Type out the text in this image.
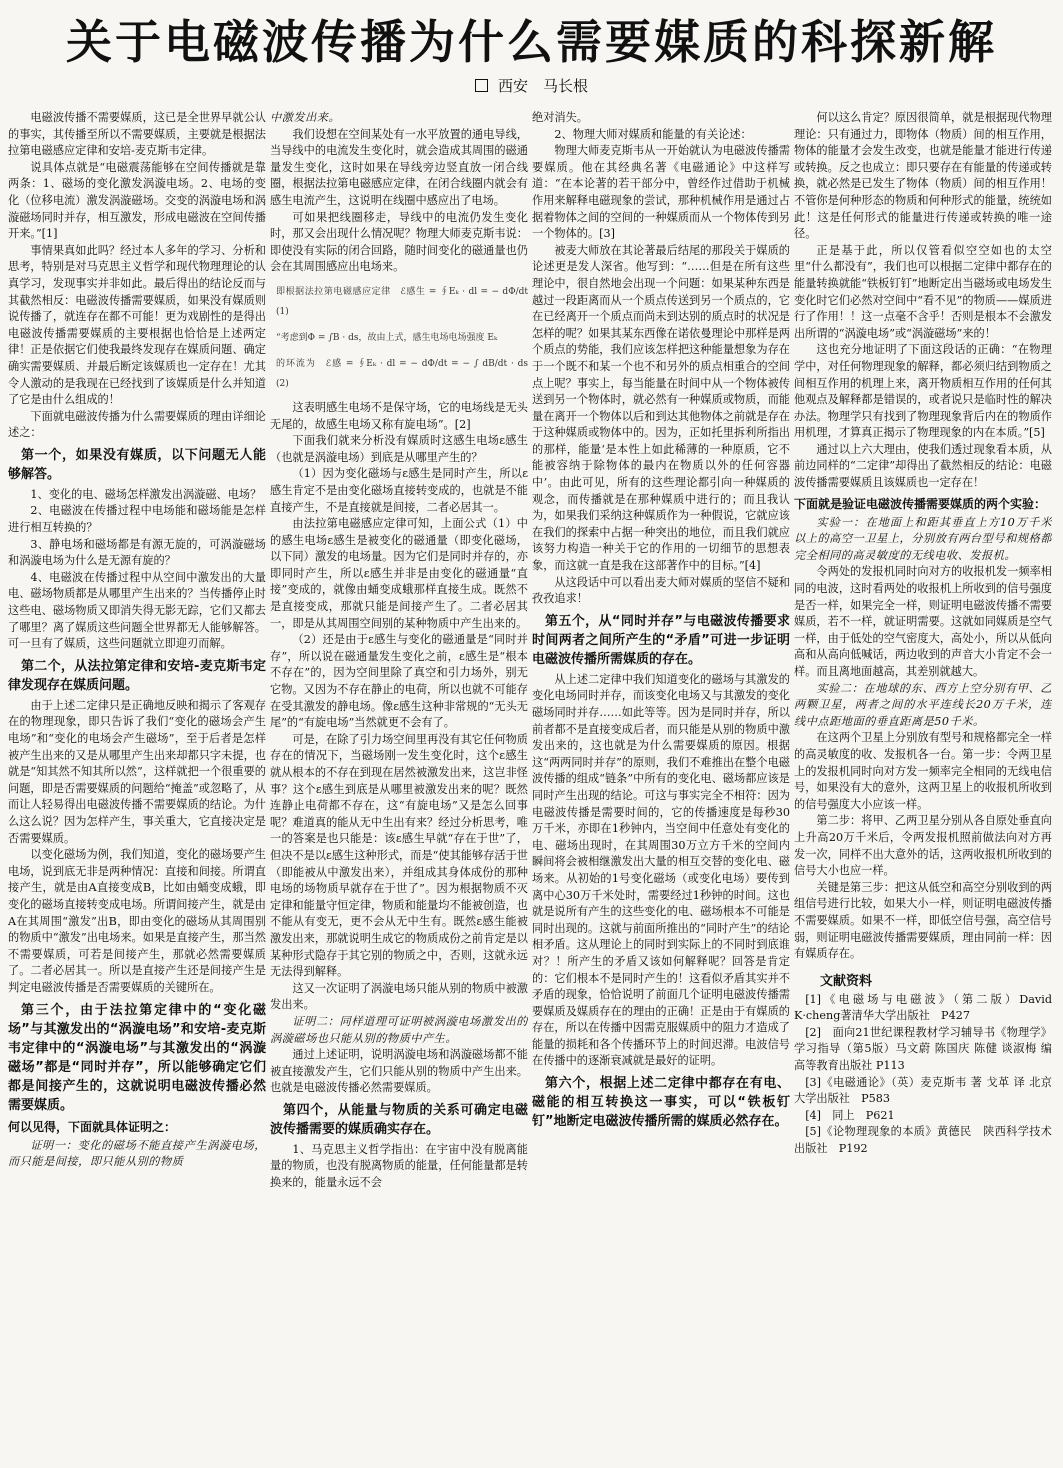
关于电磁波传播为什么需要媒质的科探新解
西安　马长根

电磁波传播不需要媒质，这已是全世界早就公认的事实，其传播至所以不需要媒质，主要就是根据法拉第电磁感应定律和安培-麦克斯韦定律。

说具体点就是“电磁震荡能够在空间传播就是靠两条：1、磁场的变化激发涡漩电场。2、电场的变化（位移电流）激发涡漩磁场。交变的涡漩电场和涡漩磁场同时并存，相互激发，形成电磁波在空间传播开来。”[1]

事情果真如此吗？经过本人多年的学习、分析和思考，特别是对马克思主义哲学和现代物理理论的认真学习，发现事实并非如此。最后得出的结论反而与其截然相反：电磁波传播需要媒质，如果没有媒质则说传播了，就连存在都不可能！更为戏剧性的是得出电磁波传播需要媒质的主要根据也恰恰是上述两定律！正是依据它们使我最终发现存在媒质问题、确定确实需要媒质、并最后断定该媒质也一定存在！尤其令人激动的是我现在已经找到了该媒质是什么并知道了它是由什么组成的！

下面就电磁波传播为什么需要媒质的理由详细论述之：

第一个，如果没有媒质，以下问题无人能够解答。

1、变化的电、磁场怎样激发出涡漩磁、电场？

2、电磁波在传播过程中电场能和磁场能是怎样进行相互转换的？

3、静电场和磁场都是有源无旋的，可涡漩磁场和涡漩电场为什么是无源有旋的？

4、电磁波在传播过程中从空间中激发出的大量电、磁场物质都是从哪里产生出来的？当传播停止时这些电、磁场物质又即消失得无影无踪，它们又都去了哪里？离了媒质这些问题全世界都无人能够解答。可一旦有了媒质，这些问题就立即迎刃而解。

第二个，从法拉第定律和安培-麦克斯韦定律发现存在媒质问题。

由于上述二定律只是正确地反映和揭示了客观存在的物理现象，即只告诉了我们“变化的磁场会产生电场”和“变化的电场会产生磁场”，至于后者是怎样被产生出来的又是从哪里产生出来却都只字未提，也就是“知其然不知其所以然”，这样就把一个很重要的问题，即是否需要媒质的问题给“掩盖”或忽略了，从而让人轻易得出电磁波传播不需要媒质的结论。为什么这么说？因为怎样产生，事关重大，它直接决定是否需要媒质。

以变化磁场为例，我们知道，变化的磁场要产生电场，说到底无非是两种情况：直接和间接。所谓直接产生，就是由A直接变成B，比如由蛹变成蛾，即变化的磁场直接转变成电场。所谓间接产生，就是由A在其周围“激发”出B，即由变化的磁场从其周围别的物质中“激发”出电场来。如果是直接产生，那当然不需要媒质，可若是间接产生，那就必然需要媒质了。二者必居其一。所以是直接产生还是间接产生是判定电磁波传播是否需要媒质的关键所在。

第三个，由于法拉第定律中的“变化磁场”与其激发出的“涡漩电场”和安培-麦克斯韦定律中的“涡漩电场”与其激发出的“涡漩磁场”都是“同时并存”，所以能够确定它们都是间接产生的，这就说明电磁波传播必然需要媒质。
何以见得，下面就具体证明之：

证明一：变化的磁场不能直接产生涡漩电场，而只能是间接，即只能从别的物质

中激发出来。

我们设想在空间某处有一水平放置的通电导线，当导线中的电流发生变化时，就会造成其周围的磁通量发生变化，这时如果在导线旁边竖直放一闭合线圈，根据法拉第电磁感应定律，在闭合线圈内就会有感生电流产生，这说明在线圈中感应出了电场。

可如果把线圈移走，导线中的电流仍发生变化时，那又会出现什么情况呢？物理大师麦克斯韦说：即使没有实际的闭合回路，随时间变化的磁通量也仍会在其周围感应出电场来。

即根据法拉第电磁感应定律　ℰ感生 = ∮Eₖ · dl = − dΦ/dt　(1)

“考虑到Φ = ∫B · ds，故由上式，感生电场电场强度 Eₖ

的环流为　ℰ感 = ∮Eₖ · dl = − dΦ/dt = − ∫ dB/dt · ds　(2)

这表明感生电场不是保守场，它的电场线是无头无尾的，故感生电场又称有旋电场”。[2]

下面我们就来分析没有媒质时这感生电场ε感生（也就是涡漩电场）到底是从哪里产生的？

（1）因为变化磁场与ε感生是同时产生，所以ε感生肯定不是由变化磁场直接转变成的，也就是不能直接产生，不是直接就是间接，二者必居其一。

由法拉第电磁感应定律可知，上面公式（1）中的感生电场ε感生是被变化的磁通量（即变化磁场，以下同）激发的电场量。因为它们是同时并存的，亦即同时产生，所以ε感生并非是由变化的磁通量“直接”变成的，就像由蛹变成蛾那样直接生成。既然不是直接变成，那就只能是间接产生了。二者必居其一，即是从其周围空间别的某种物质中产生出来的。

（2）还是由于ε感生与变化的磁通量是“同时并存”，所以说在磁通量发生变化之前，ε感生是“根本不存在”的，因为空间里除了真空和引力场外，别无它物。又因为不存在静止的电荷，所以也就不可能存在受其激发的静电场。像ε感生这种非常规的“无头无尾”的“有旋电场”当然就更不会有了。

可是，在除了引力场空间里再没有其它任何物质存在的情况下，当磁场刚一发生变化时，这个ε感生就从根本的不存在到现在居然被激发出来，这岂非怪事？这个ε感生到底是从哪里被激发出来的呢？既然连静止电荷都不存在，这“有旋电场”又是怎么回事呢？难道真的能从无中生出有来？经过分析思考，唯一的答案是也只能是：该ε感生早就“存在于世”了，但决不是以ε感生这种形式，而是“使其能够存活于世（即能被从中激发出来），并组成其身体成份的那种电场的场物质早就存在于世了”。因为根据物质不灭定律和能量守恒定律，物质和能量均不能被创造，也不能从有变无，更不会从无中生有。既然ε感生能被激发出来，那就说明生成它的物质成份之前肯定是以某种形式隐存于其它别的物质之中，否则，这就永远无法得到解释。

这又一次证明了涡漩电场只能从别的物质中被激发出来。

证明二：同样道理可证明被涡漩电场激发出的涡漩磁场也只能从别的物质中产生。

通过上述证明，说明涡漩电场和涡漩磁场都不能被直接激发产生，它们只能从别的物质中产生出来。也就是电磁波传播必然需要媒质。

第四个，从能量与物质的关系可确定电磁波传播需要的媒质确实存在。

1、马克思主义哲学指出：在宇宙中没有脱离能量的物质，也没有脱离物质的能量，任何能量都是转换来的，能量永远不会

绝对消失。

2、物理大师对媒质和能量的有关论述：

物理大师麦克斯韦从一开始就认为电磁波传播需要媒质。他在其经典名著《电磁通论》中这样写道：“在本论著的若干部分中，曾经作过借助于机械作用来解释电磁现象的尝试，那种机械作用是通过占据着物体之间的空间的一种媒质而从一个物体传到另一个物体的。[3]

被麦大师放在其论著最后结尾的那段关于媒质的论述更是发人深省。他写到：“……但是在所有这些理论中，很自然地会出现一个问题：如果某种东西是越过一段距离而从一个质点传送到另一个质点的，它在已经离开一个质点而尚未到达别的质点时的状况是怎样的呢？如果其某东西像在诺依曼理论中那样是两个质点的势能，我们应该怎样把这种能量想象为存在于一个既不和某一个也不和另外的质点相重合的空间点上呢？事实上，每当能量在时间中从一个物体被传送到另一个物体时，就必然有一种媒质或物质，而能量在离开一个物体以后和到达其他物体之前就是存在于这种媒质或物体中的。因为，正如托里拆利所指出的那样，能量‘是本性上如此稀薄的一种原质，它不能被容纳于除物体的最内在物质以外的任何容器中’。由此可见，所有的这些理论都引向一种媒质的观念，而传播就是在那种媒质中进行的；而且我认为，如果我们采纳这种媒质作为一种假说，它就应该在我们的探索中占据一种突出的地位，而且我们就应该努力构造一种关于它的作用的一切细节的思想表象，而这就一直是我在这部著作中的目标。”[4]

从这段话中可以看出麦大师对媒质的坚信不疑和孜孜追求！

第五个，从“同时并存”与电磁波传播要求时间两者之间所产生的“矛盾”可进一步证明电磁波传播所需媒质的存在。

从上述二定律中我们知道变化的磁场与其激发的变化电场同时并存，而该变化电场又与其激发的变化磁场同时并存……如此等等。因为是同时并存，所以前者都不是直接变成后者，而只能是从别的物质中激发出来的，这也就是为什么需要媒质的原因。根据这“两两同时并存”的原则，我们不难推出在整个电磁波传播的组成“链条”中所有的变化电、磁场都应该是同时产生出现的结论。可这与事实完全不相符：因为电磁波传播是需要时间的，它的传播速度是每秒30万千米，亦即在1秒钟内，当空间中任意处有变化的电、磁场出现时，在其周围30万立方千米的空间内瞬间将会被相继激发出大量的相互交替的变化电、磁场来。从初始的1号变化磁场（或变化电场）要传到离中心30万千米处时，需要经过1秒钟的时间。这也就是说所有产生的这些变化的电、磁场根本不可能是同时出现的。这就与前面所推出的“同时产生”的结论相矛盾。这从理论上的同时到实际上的不同时到底谁对？！所产生的矛盾又该如何解释呢？回答是肯定的：它们根本不是同时产生的！这看似矛盾其实并不矛盾的现象，恰恰说明了前面几个证明电磁波传播需要媒质及媒质存在的理由的正确！正是由于有媒质的存在，所以在传播中因需克服媒质中的阻力才造成了能量的损耗和各个传播环节上的时间迟滞。电波信号在传播中的逐渐衰减就是最好的证明。

第六个，根据上述二定律中都存在有电、磁能的相互转换这一事实，可以“铁板钉钉”地断定电磁波传播所需的媒质必然存在。

何以这么肯定？原因很简单，就是根据现代物理理论：只有通过力，即物体（物质）间的相互作用，物体的能量才会发生改变，也就是能量才能进行传递或转换。反之也成立：即只要存在有能量的传递或转换，就必然是已发生了物体（物质）间的相互作用！不管你是何种形态的物质和何种形式的能量，统统如此！这是任何形式的能量进行传递或转换的唯一途径。

正是基于此，所以仅管看似空空如也的太空里“什么都没有”，我们也可以根据二定律中都存在的能量转换就能“铁板钉钉”地断定出当磁场或电场发生变化时它们必然对空间中“看不见”的物质——媒质进行了作用！！这一点毫不含乎！否则是根本不会激发出所谓的“涡漩电场”或“涡漩磁场”来的！

这也充分地证明了下面这段话的正确：“在物理学中，对任何物理现象的解释，都必须归结到物质之间相互作用的机理上来，离开物质相互作用的任何其他观点及解释都是错误的，或者说只是临时性的解决办法。物理学只有找到了物理现象背后内在的物质作用机理，才算真正揭示了物理现象的内在本质。”[5]

通过以上六大理由，使我们透过现象看本质，从前边同样的“二定律”却得出了截然相反的结论：电磁波传播需要媒质且该媒质也一定存在！

下面就是验证电磁波传播需要媒质的两个实验：

实验一：在地面上和距其垂直上方10万千米以上的高空一卫星上，分别放有两台型号和规格都完全相同的高灵敏度的无线电收、发报机。

令两处的发报机同时向对方的收报机发一频率相同的电波，这时看两处的收报机上所收到的信号强度是否一样，如果完全一样，则证明电磁波传播不需要媒质，若不一样，就证明需要。这就如同媒质是空气一样，由于低处的空气密度大，高处小，所以从低向高和从高向低喊话，两边收到的声音大小肯定不会一样。而且离地面越高，其差别就越大。

实验二：在地球的东、西方上空分别有甲、乙两颗卫星，两者之间的水平连线长20万千米，连线中点距地面的垂直距离是50千米。

在这两个卫星上分别放有型号和规格都完全一样的高灵敏度的收、发报机各一台。第一步：令两卫星上的发报机同时向对方发一频率完全相同的无线电信号，如果没有大的意外，这两卫星上的收报机所收到的信号强度大小应该一样。

第二步：将甲、乙两卫星分别从各自原处垂直向上升高20万千米后，令两发报机照前做法向对方再发一次，同样不出大意外的话，这两收报机所收到的信号大小也应一样。

关键是第三步：把这从低空和高空分别收到的两组信号进行比较，如果大小一样，则证明电磁波传播不需要媒质。如果不一样，即低空信号强，高空信号弱，则证明电磁波传播需要媒质，理由同前一样：因有媒质存在。

文献资料

[1]《电磁场与电磁波》（第二版）David K·cheng著清华大学出版社　P427

[2]　面向21世纪课程教材学习辅导书《物理学》学习指导（第5版）马文蔚 陈国庆 陈健 谈淑梅 编 高等教育出版社 P113

[3]《电磁通论》（英）麦克斯韦 著 戈革 译 北京大学出版社　P583

[4]　同上　P621

[5]《论物理现象的本质》黄德民　陕西科学技术出版社　P192
